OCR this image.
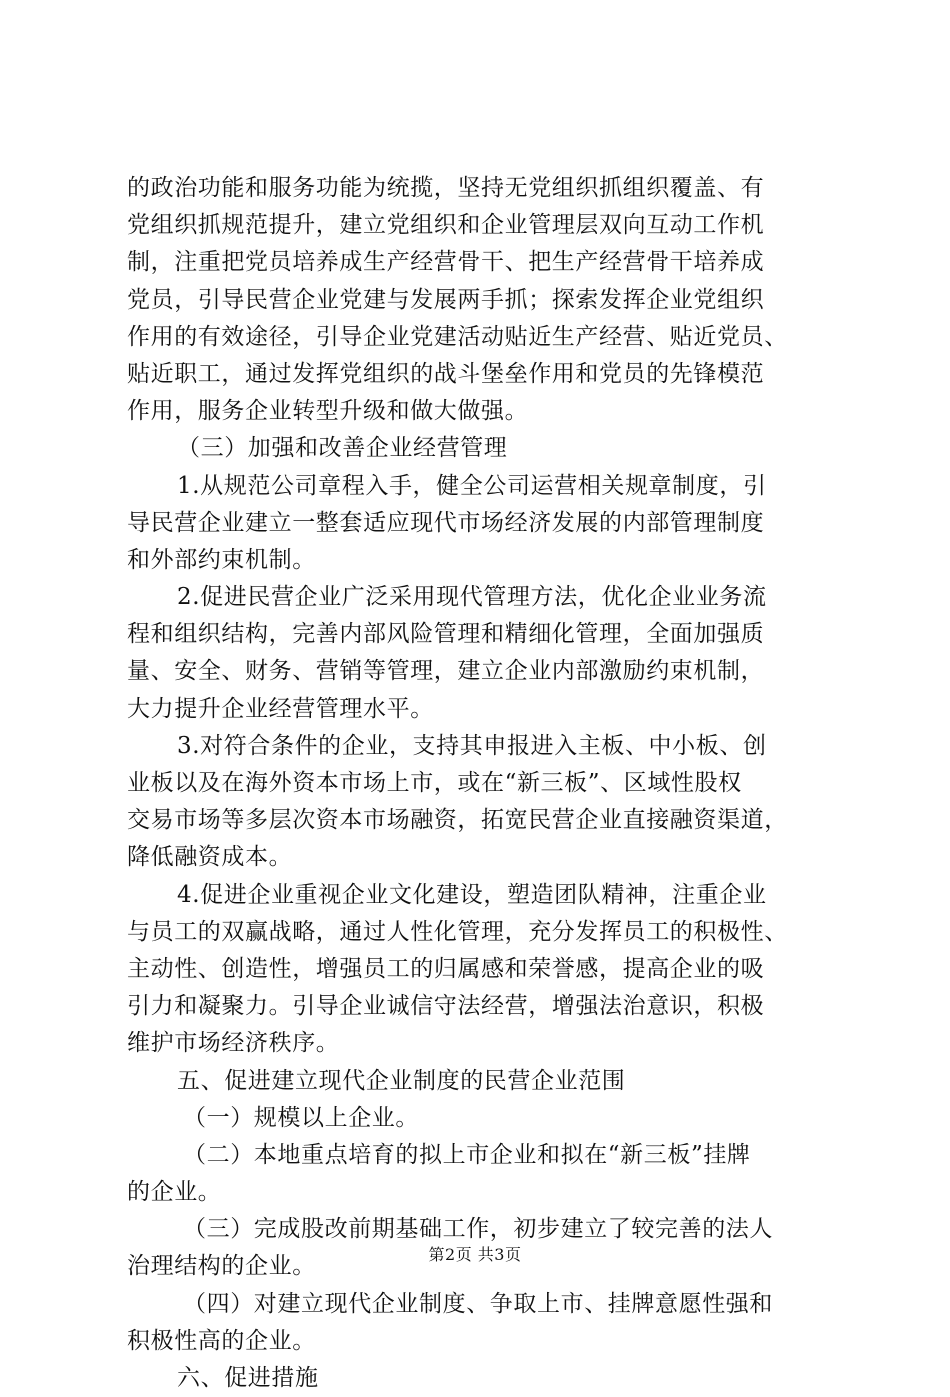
的政治功能和服务功能为统揽，坚持无党组织抓组织覆盖、有
党组织抓规范提升，建立党组织和企业管理层双向互动工作机
制，注重把党员培养成生产经营骨干、把生产经营骨干培养成
党员，引导民营企业党建与发展两手抓；探索发挥企业党组织
作用的有效途径，引导企业党建活动贴近生产经营、贴近党员、
贴近职工，通过发挥党组织的战斗堡垒作用和党员的先锋模范
作用，服务企业转型升级和做大做强。
（三）加强和改善企业经营管理
1.从规范公司章程入手，健全公司运营相关规章制度，引
导民营企业建立一整套适应现代市场经济发展的内部管理制度
和外部约束机制。
2.促进民营企业广泛采用现代管理方法，优化企业业务流
程和组织结构，完善内部风险管理和精细化管理，全面加强质
量、安全、财务、营销等管理，建立企业内部激励约束机制，
大力提升企业经营管理水平。
3.对符合条件的企业，支持其申报进入主板、中小板、创
业板以及在海外资本市场上市，或在“新三板”、区域性股权
交易市场等多层次资本市场融资，拓宽民营企业直接融资渠道，
降低融资成本。
4.促进企业重视企业文化建设，塑造团队精神，注重企业
与员工的双赢战略，通过人性化管理，充分发挥员工的积极性、
主动性、创造性，增强员工的归属感和荣誉感，提高企业的吸
引力和凝聚力。引导企业诚信守法经营，增强法治意识，积极
维护市场经济秩序。
五、促进建立现代企业制度的民营企业范围
（一）规模以上企业。
（二）本地重点培育的拟上市企业和拟在“新三板”挂牌
的企业。
（三）完成股改前期基础工作，初步建立了较完善的法人
治理结构的企业。
（四）对建立现代企业制度、争取上市、挂牌意愿性强和
积极性高的企业。
六、促进措施
第2页 共3页
